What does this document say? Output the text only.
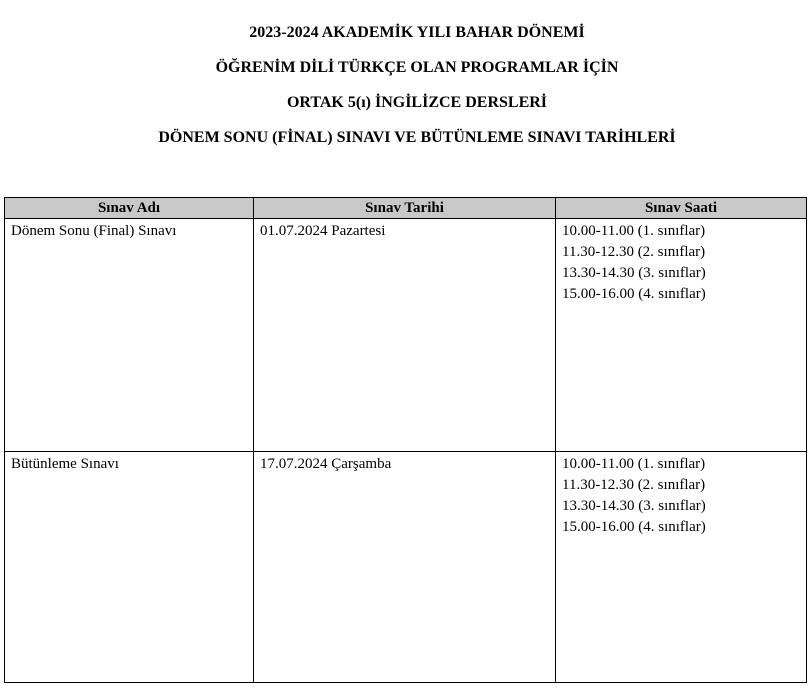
2023-2024 AKADEMİK YILI BAHAR DÖNEMİ
ÖĞRENİM DİLİ TÜRKÇE OLAN PROGRAMLAR İÇİN
ORTAK 5(ı) İNGİLİZCE DERSLERİ
DÖNEM SONU (FİNAL) SINAVI VE BÜTÜNLEME SINAVI TARİHLERİ
Sınav Adı	Sınav Tarihi	Sınav Saati
Dönem Sonu (Final) Sınavı	01.07.2024 Pazartesi	10.00-11.00 (1. sınıflar)
11.30-12.30 (2. sınıflar)
13.30-14.30 (3. sınıflar)
15.00-16.00 (4. sınıflar)

Bütünleme Sınavı	17.07.2024 Çarşamba	10.00-11.00 (1. sınıflar)
11.30-12.30 (2. sınıflar)
13.30-14.30 (3. sınıflar)
15.00-16.00 (4. sınıflar)
